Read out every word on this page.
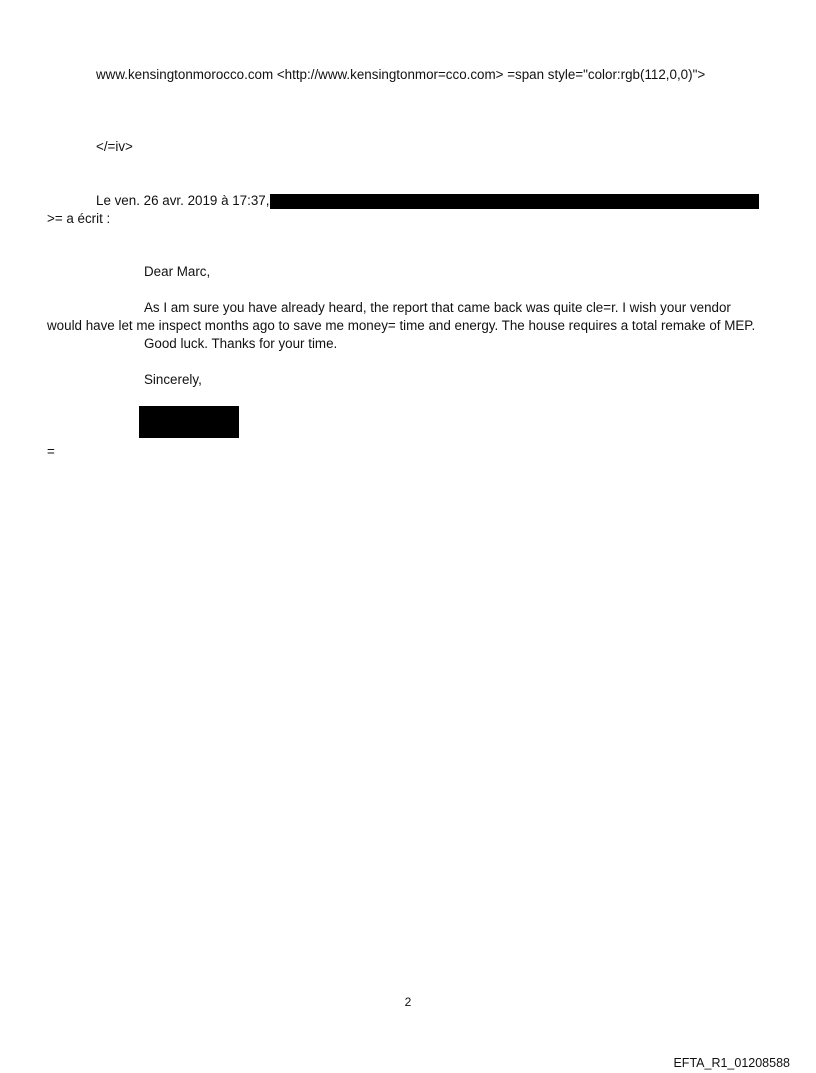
www.kensingtonmorocco.com <http://www.kensingtonmor=cco.com> =span style="color:rgb(112,0,0)">
</=iv>
Le ven. 26 avr. 2019 à 17:37,
>= a écrit :
Dear Marc,
As I am sure you have already heard, the report that came back was quite cle=r. I wish your vendor
would have let me inspect months ago to save me money= time and energy. The house requires a total remake of MEP.
Good luck. Thanks for your time.
Sincerely,
=
2
EFTA_R1_01208588
